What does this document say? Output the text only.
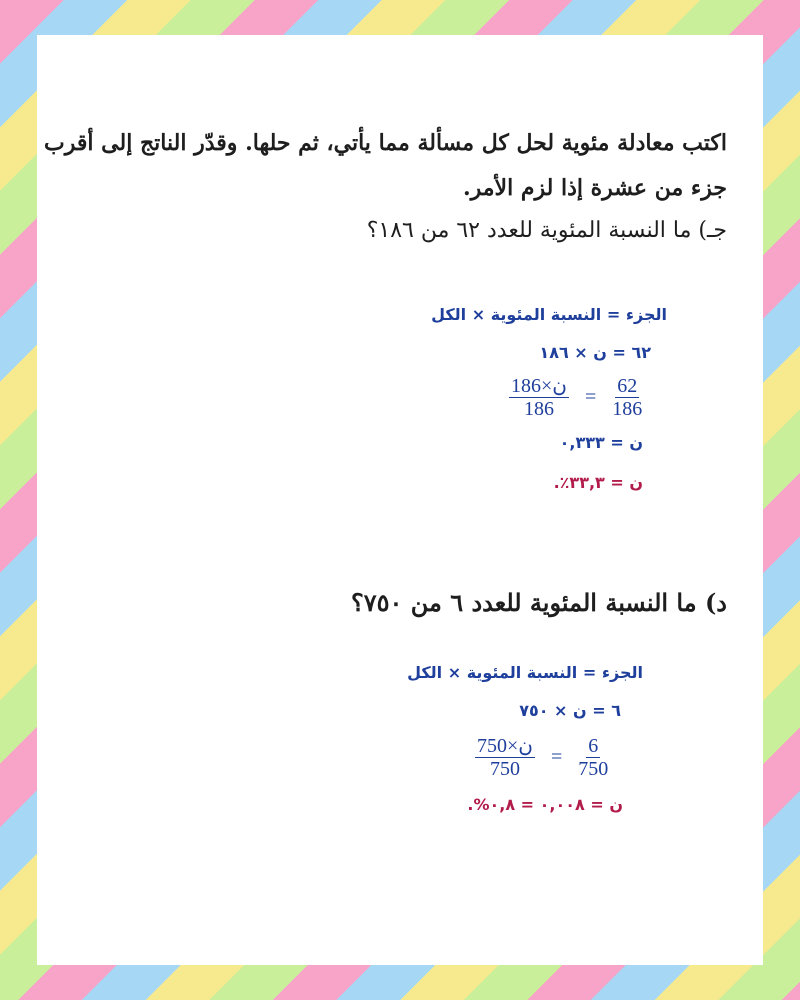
اكتب معادلة مئوية لحل كل مسألة مما يأتي، ثم حلها. وقدّر الناتج إلى أقرب
جزء من عشرة إذا لزم الأمر.
جـ) ما النسبة المئوية للعدد ٦٢ من ١٨٦؟
الجزء = النسبة المئوية × الكل
٦٢ = ن × ١٨٦
$\frac{\text{186×ن}}{186} = \frac{62}{186}$
ن = ٠,٣٣٣
ن = ٣٣,٣٪.
د) ما النسبة المئوية للعدد ٦ من ٧٥٠؟
الجزء = النسبة المئوية × الكل
٦ = ن × ٧٥٠
$\frac{\text{750×ن}}{750} = \frac{6}{750}$
ن = ٠,٠٠٨ = ٠,٨%.
